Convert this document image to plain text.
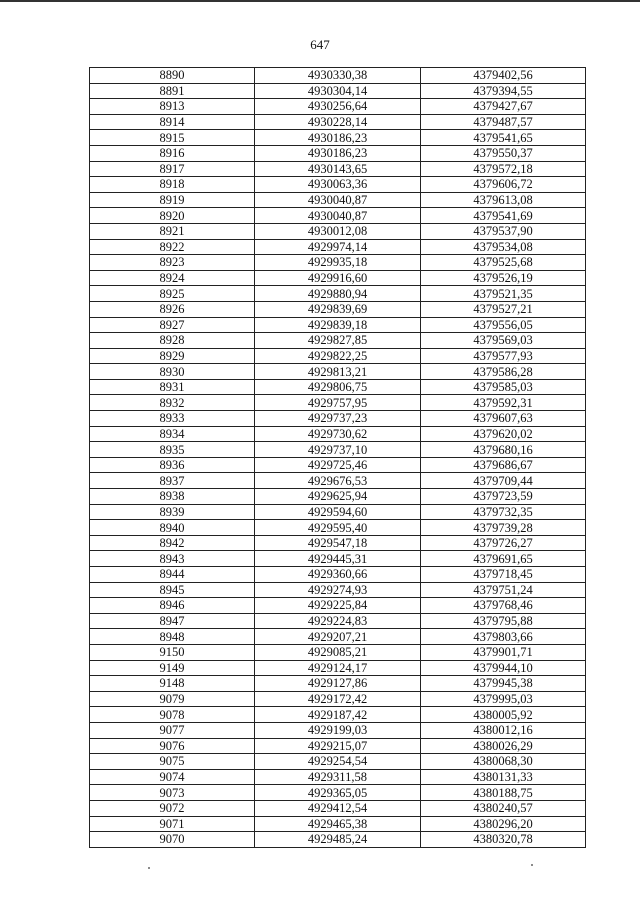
647
8890	4930330,38	4379402,56
8891	4930304,14	4379394,55
8913	4930256,64	4379427,67
8914	4930228,14	4379487,57
8915	4930186,23	4379541,65
8916	4930186,23	4379550,37
8917	4930143,65	4379572,18
8918	4930063,36	4379606,72
8919	4930040,87	4379613,08
8920	4930040,87	4379541,69
8921	4930012,08	4379537,90
8922	4929974,14	4379534,08
8923	4929935,18	4379525,68
8924	4929916,60	4379526,19
8925	4929880,94	4379521,35
8926	4929839,69	4379527,21
8927	4929839,18	4379556,05
8928	4929827,85	4379569,03
8929	4929822,25	4379577,93
8930	4929813,21	4379586,28
8931	4929806,75	4379585,03
8932	4929757,95	4379592,31
8933	4929737,23	4379607,63
8934	4929730,62	4379620,02
8935	4929737,10	4379680,16
8936	4929725,46	4379686,67
8937	4929676,53	4379709,44
8938	4929625,94	4379723,59
8939	4929594,60	4379732,35
8940	4929595,40	4379739,28
8942	4929547,18	4379726,27
8943	4929445,31	4379691,65
8944	4929360,66	4379718,45
8945	4929274,93	4379751,24
8946	4929225,84	4379768,46
8947	4929224,83	4379795,88
8948	4929207,21	4379803,66
9150	4929085,21	4379901,71
9149	4929124,17	4379944,10
9148	4929127,86	4379945,38
9079	4929172,42	4379995,03
9078	4929187,42	4380005,92
9077	4929199,03	4380012,16
9076	4929215,07	4380026,29
9075	4929254,54	4380068,30
9074	4929311,58	4380131,33
9073	4929365,05	4380188,75
9072	4929412,54	4380240,57
9071	4929465,38	4380296,20
9070	4929485,24	4380320,78
